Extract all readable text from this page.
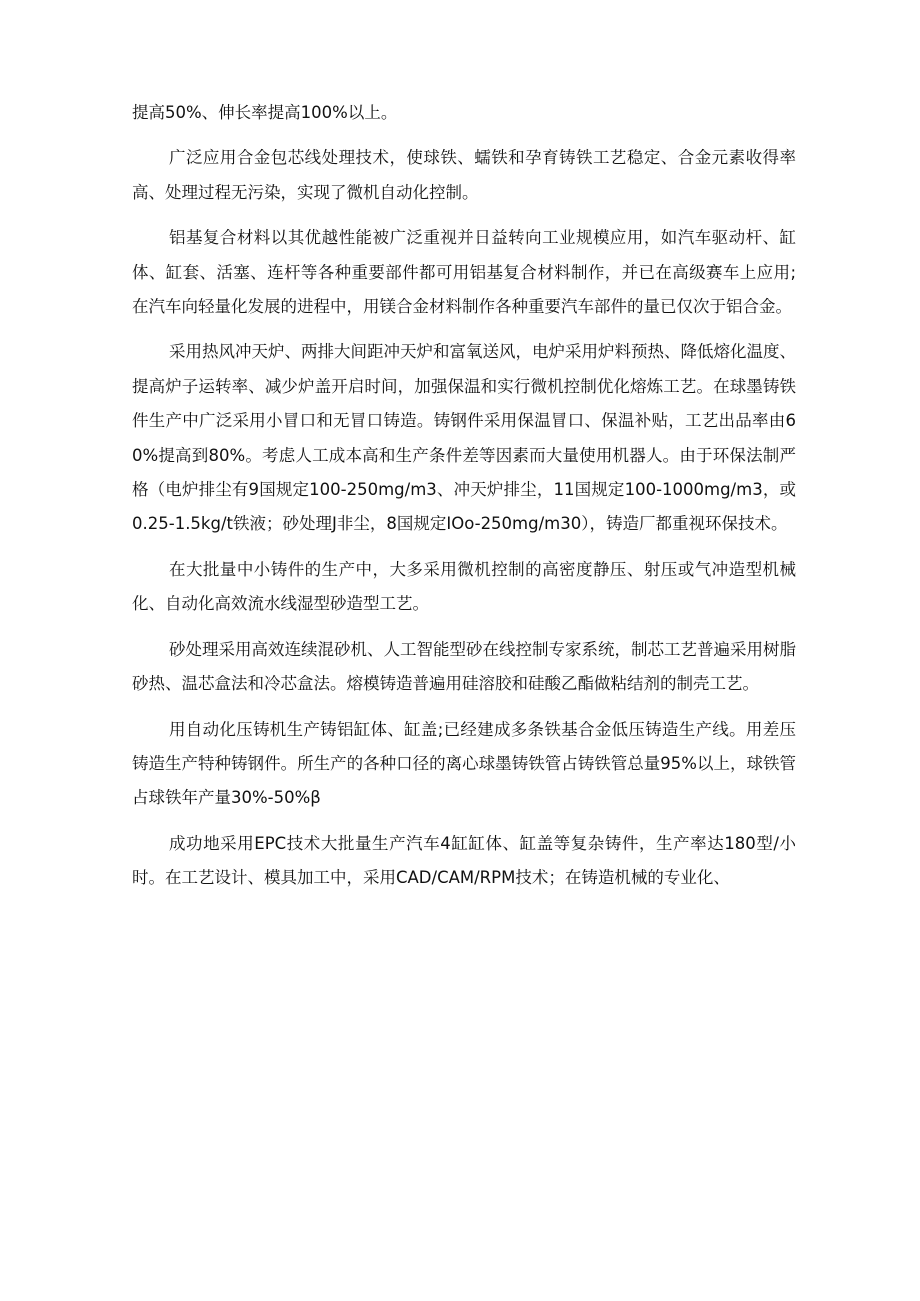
提高50%、伸长率提高100%以上。

广泛应用合金包芯线处理技术，使球铁、蠕铁和孕育铸铁工艺稳定、合金元素收得率高、处理过程无污染，实现了微机自动化控制。

铝基复合材料以其优越性能被广泛重视并日益转向工业规模应用，如汽车驱动杆、缸体、缸套、活塞、连杆等各种重要部件都可用铝基复合材料制作，并已在高级赛车上应用;在汽车向轻量化发展的进程中，用镁合金材料制作各种重要汽车部件的量已仅次于铝合金。

采用热风冲天炉、两排大间距冲天炉和富氧送风，电炉采用炉料预热、降低熔化温度、提高炉子运转率、减少炉盖开启时间，加强保温和实行微机控制优化熔炼工艺。在球墨铸铁件生产中广泛采用小冒口和无冒口铸造。铸钢件采用保温冒口、保温补贴，工艺出品率由60%提高到80%。考虑人工成本高和生产条件差等因素而大量使用机器人。由于环保法制严格（电炉排尘有9国规定100-250mg/m3、冲天炉排尘，11国规定100-1000mg/m3，或0.25-1.5kg/t铁液；砂处理J非尘，8国规定IOo-250mg/m30），铸造厂都重视环保技术。

在大批量中小铸件的生产中，大多采用微机控制的高密度静压、射压或气冲造型机械化、自动化高效流水线湿型砂造型工艺。

砂处理采用高效连续混砂机、人工智能型砂在线控制专家系统，制芯工艺普遍采用树脂砂热、温芯盒法和冷芯盒法。熔模铸造普遍用硅溶胶和硅酸乙酯做粘结剂的制壳工艺。

用自动化压铸机生产铸铝缸体、缸盖;已经建成多条铁基合金低压铸造生产线。用差压铸造生产特种铸钢件。所生产的各种口径的离心球墨铸铁管占铸铁管总量95%以上，球铁管占球铁年产量30%-50%β

成功地采用EPC技术大批量生产汽车4缸缸体、缸盖等复杂铸件，生产率达180型/小时。在工艺设计、模具加工中，采用CAD/CAM/RPM技术；在铸造机械的专业化、
